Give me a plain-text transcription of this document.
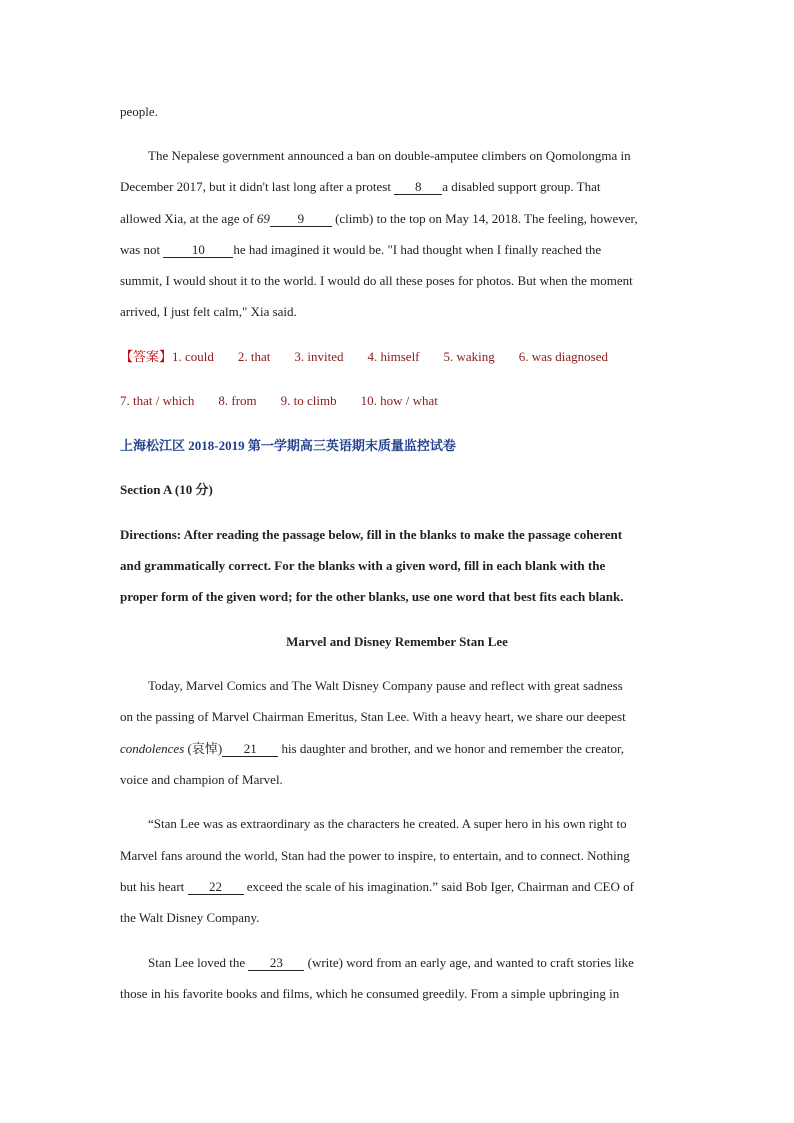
people.
The Nepalese government announced a ban on double-amputee climbers on Qomolongma in
December 2017, but it didn't last long after a protest 8 a disabled support group. That
allowed Xia, at the age of 69 9 (climb) to the top on May 14, 2018. The feeling, however,
was not 10 he had imagined it would be. "I had thought when I finally reached the
summit, I would shout it to the world. I would do all these poses for photos. But when the moment
arrived, I just felt calm," Xia said.
【答案】1. could 2. that 3. invited 4. himself 5. waking 6. was diagnosed
7. that / which 8. from 9. to climb 10. how / what
上海松江区 2018-2019 第一学期高三英语期末质量监控试卷
Section A (10 分)
Directions: After reading the passage below, fill in the blanks to make the passage coherent
and grammatically correct. For the blanks with a given word, fill in each blank with the
proper form of the given word; for the other blanks, use one word that best fits each blank.
Marvel and Disney Remember Stan Lee
Today, Marvel Comics and The Walt Disney Company pause and reflect with great sadness
on the passing of Marvel Chairman Emeritus, Stan Lee. With a heavy heart, we share our deepest
condolences (哀悼) 21 his daughter and brother, and we honor and remember the creator,
voice and champion of Marvel.
“Stan Lee was as extraordinary as the characters he created. A super hero in his own right to
Marvel fans around the world, Stan had the power to inspire, to entertain, and to connect. Nothing
but his heart 22 exceed the scale of his imagination.” said Bob Iger, Chairman and CEO of
the Walt Disney Company.
Stan Lee loved the 23 (write) word from an early age, and wanted to craft stories like
those in his favorite books and films, which he consumed greedily. From a simple upbringing in
